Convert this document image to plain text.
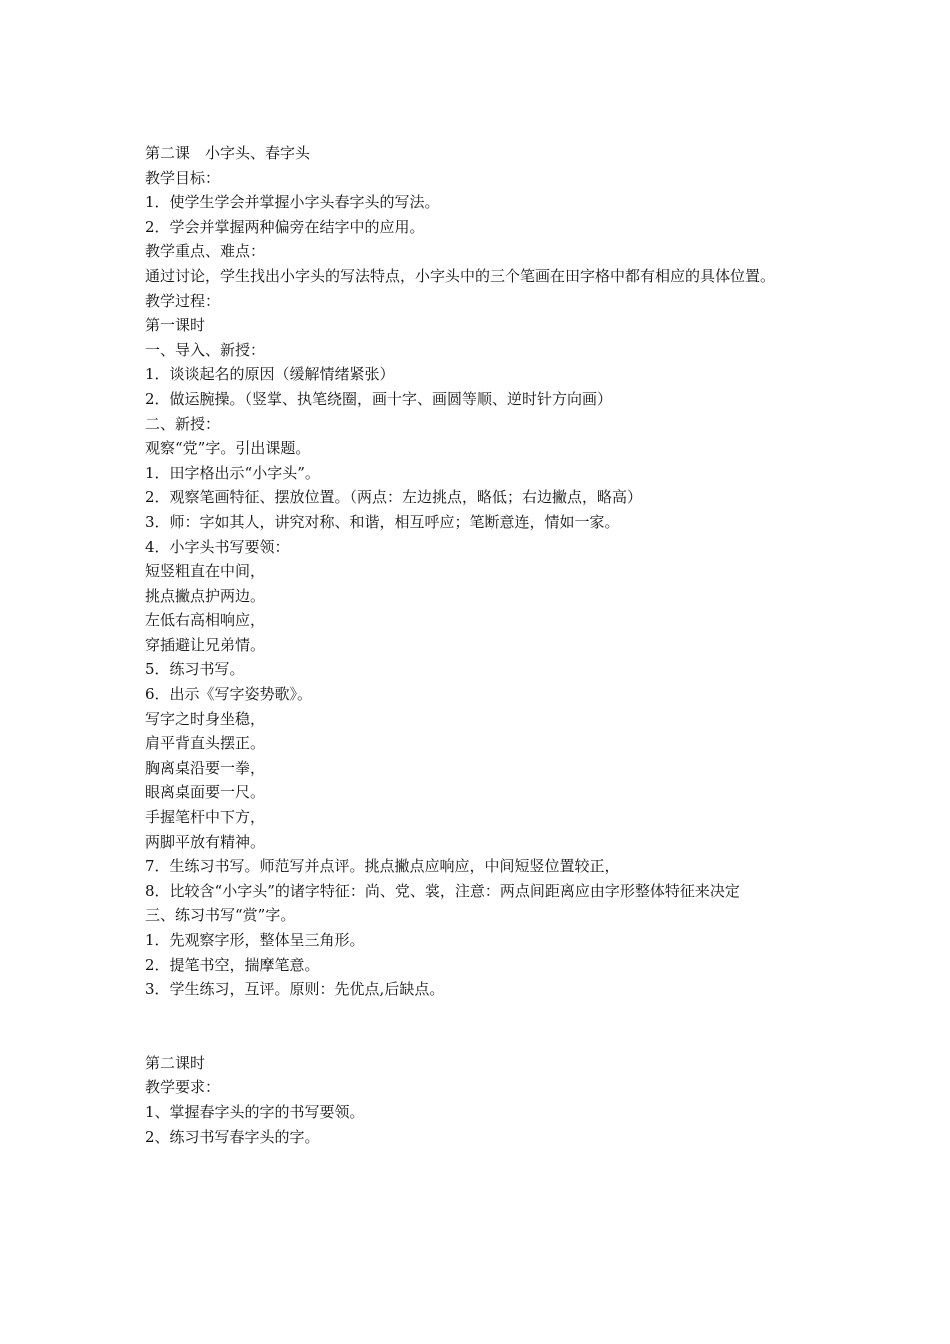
第二课　小字头、春字头

教学目标：

1．使学生学会并掌握小字头春字头的写法。

2．学会并掌握两种偏旁在结字中的应用。

教学重点、难点：

通过讨论，学生找出小字头的写法特点，小字头中的三个笔画在田字格中都有相应的具体位置。

教学过程：

第一课时

一、导入、新授：

1．谈谈起名的原因（缓解情绪紧张）

2．做运腕操。（竖掌、执笔绕圈，画十字、画圆等顺、逆时针方向画）

二、新授：

观察“党”字。引出课题。

1．田字格出示“小字头”。

2．观察笔画特征、摆放位置。（两点：左边挑点，略低；右边撇点，略高）

3．师：字如其人，讲究对称、和谐，相互呼应；笔断意连，情如一家。

4．小字头书写要领：

短竖粗直在中间，

挑点撇点护两边。

左低右高相响应，

穿插避让兄弟情。

5．练习书写。

6．出示《写字姿势歌》。

写字之时身坐稳，

肩平背直头摆正。

胸离桌沿要一拳，

眼离桌面要一尺。

手握笔杆中下方，

两脚平放有精神。

7．生练习书写。师范写并点评。挑点撇点应响应，中间短竖位置较正，

8．比较含“小字头”的诸字特征：尚、党、裳，注意：两点间距离应由字形整体特征来决定

三、练习书写“赏”字。

1．先观察字形，整体呈三角形。

2．提笔书空，揣摩笔意。

3．学生练习，互评。原则：先优点,后缺点。

第二课时

教学要求：

1、掌握春字头的字的书写要领。

2、练习书写春字头的字。
